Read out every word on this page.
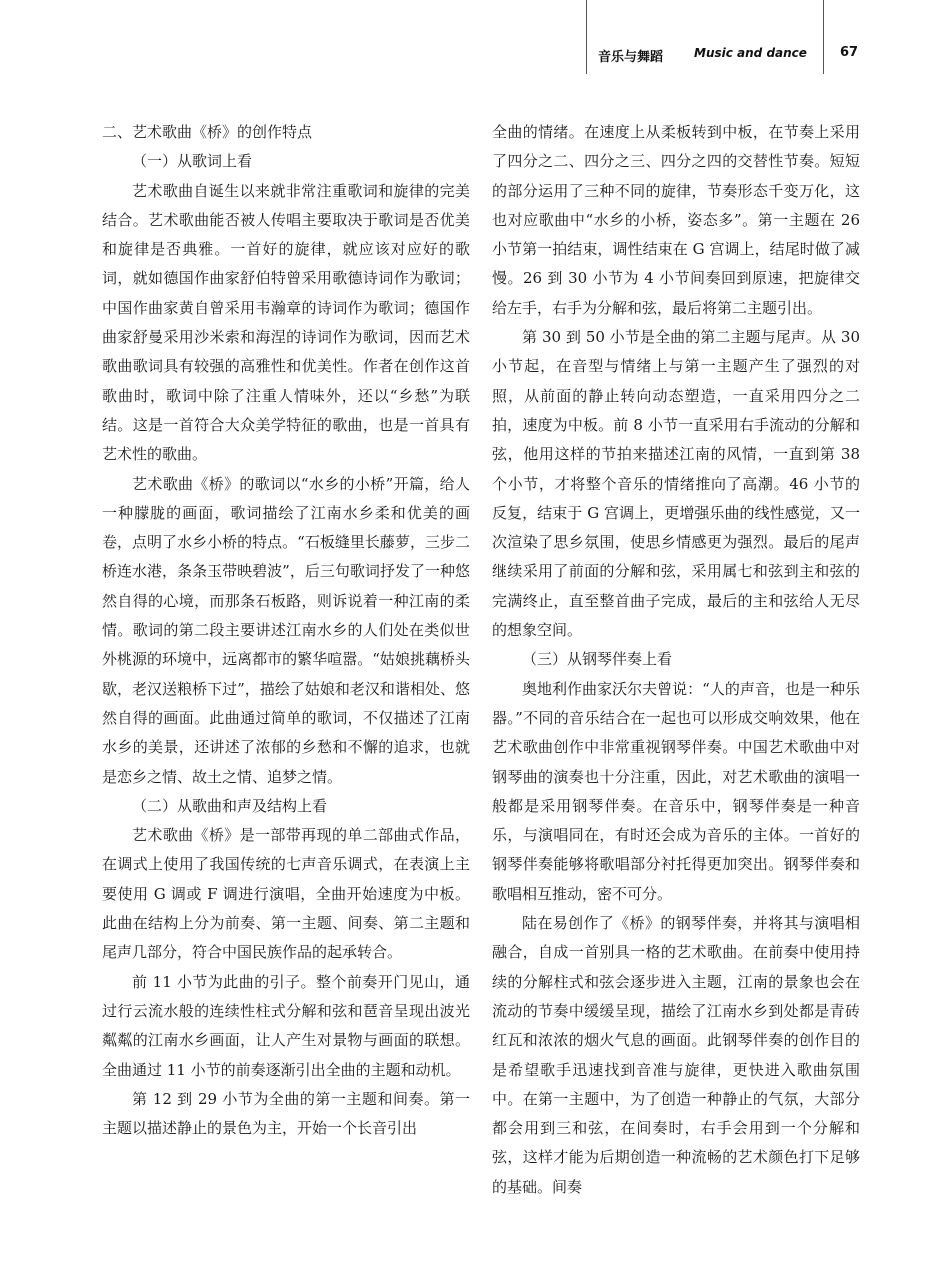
音乐与舞蹈	Music and dance	67

二、艺术歌曲《桥》的创作特点

（一）从歌词上看

艺术歌曲自诞生以来就非常注重歌词和旋律的完美结合。艺术歌曲能否被人传唱主要取决于歌词是否优美和旋律是否典雅。一首好的旋律，就应该对应好的歌词，就如德国作曲家舒伯特曾采用歌德诗词作为歌词；中国作曲家黄自曾采用韦瀚章的诗词作为歌词；德国作曲家舒曼采用沙米索和海涅的诗词作为歌词，因而艺术歌曲歌词具有较强的高雅性和优美性。作者在创作这首歌曲时，歌词中除了注重人情味外，还以“乡愁”为联结。这是一首符合大众美学特征的歌曲，也是一首具有艺术性的歌曲。

艺术歌曲《桥》的歌词以“水乡的小桥”开篇，给人一种朦胧的画面，歌词描绘了江南水乡柔和优美的画卷，点明了水乡小桥的特点。“石板缝里长藤萝，三步二桥连水港，条条玉带映碧波”，后三句歌词抒发了一种悠然自得的心境，而那条石板路，则诉说着一种江南的柔情。歌词的第二段主要讲述江南水乡的人们处在类似世外桃源的环境中，远离都市的繁华喧嚣。“姑娘挑藕桥头歇，老汉送粮桥下过”，描绘了姑娘和老汉和谐相处、悠然自得的画面。此曲通过简单的歌词，不仅描述了江南水乡的美景，还讲述了浓郁的乡愁和不懈的追求，也就是恋乡之情、故土之情、追梦之情。

（二）从歌曲和声及结构上看

艺术歌曲《桥》是一部带再现的单二部曲式作品，在调式上使用了我国传统的七声音乐调式，在表演上主要使用 G 调或 F 调进行演唱，全曲开始速度为中板。此曲在结构上分为前奏、第一主题、间奏、第二主题和尾声几部分，符合中国民族作品的起承转合。

前 11 小节为此曲的引子。整个前奏开门见山，通过行云流水般的连续性柱式分解和弦和琶音呈现出波光粼粼的江南水乡画面，让人产生对景物与画面的联想。全曲通过 11 小节的前奏逐渐引出全曲的主题和动机。

第 12 到 29 小节为全曲的第一主题和间奏。第一主题以描述静止的景色为主，开始一个长音引出

全曲的情绪。在速度上从柔板转到中板，在节奏上采用了四分之二、四分之三、四分之四的交替性节奏。短短的部分运用了三种不同的旋律，节奏形态千变万化，这也对应歌曲中“水乡的小桥，姿态多”。第一主题在 26 小节第一拍结束，调性结束在 G 宫调上，结尾时做了减慢。26 到 30 小节为 4 小节间奏回到原速，把旋律交给左手，右手为分解和弦，最后将第二主题引出。

第 30 到 50 小节是全曲的第二主题与尾声。从 30 小节起，在音型与情绪上与第一主题产生了强烈的对照，从前面的静止转向动态塑造，一直采用四分之二拍，速度为中板。前 8 小节一直采用右手流动的分解和弦，他用这样的节拍来描述江南的风情，一直到第 38 个小节，才将整个音乐的情绪推向了高潮。46 小节的反复，结束于 G 宫调上，更增强乐曲的线性感觉，又一次渲染了思乡氛围，使思乡情感更为强烈。最后的尾声继续采用了前面的分解和弦，采用属七和弦到主和弦的完满终止，直至整首曲子完成，最后的主和弦给人无尽的想象空间。

（三）从钢琴伴奏上看

奥地利作曲家沃尔夫曾说：“人的声音，也是一种乐器。”不同的音乐结合在一起也可以形成交响效果，他在艺术歌曲创作中非常重视钢琴伴奏。中国艺术歌曲中对钢琴曲的演奏也十分注重，因此，对艺术歌曲的演唱一般都是采用钢琴伴奏。在音乐中，钢琴伴奏是一种音乐，与演唱同在，有时还会成为音乐的主体。一首好的钢琴伴奏能够将歌唱部分衬托得更加突出。钢琴伴奏和歌唱相互推动，密不可分。

陆在易创作了《桥》的钢琴伴奏，并将其与演唱相融合，自成一首别具一格的艺术歌曲。在前奏中使用持续的分解柱式和弦会逐步进入主题，江南的景象也会在流动的节奏中缓缓呈现，描绘了江南水乡到处都是青砖红瓦和浓浓的烟火气息的画面。此钢琴伴奏的创作目的是希望歌手迅速找到音准与旋律，更快进入歌曲氛围中。在第一主题中，为了创造一种静止的气氛，大部分都会用到三和弦，在间奏时，右手会用到一个分解和弦，这样才能为后期创造一种流畅的艺术颜色打下足够的基础。间奏
